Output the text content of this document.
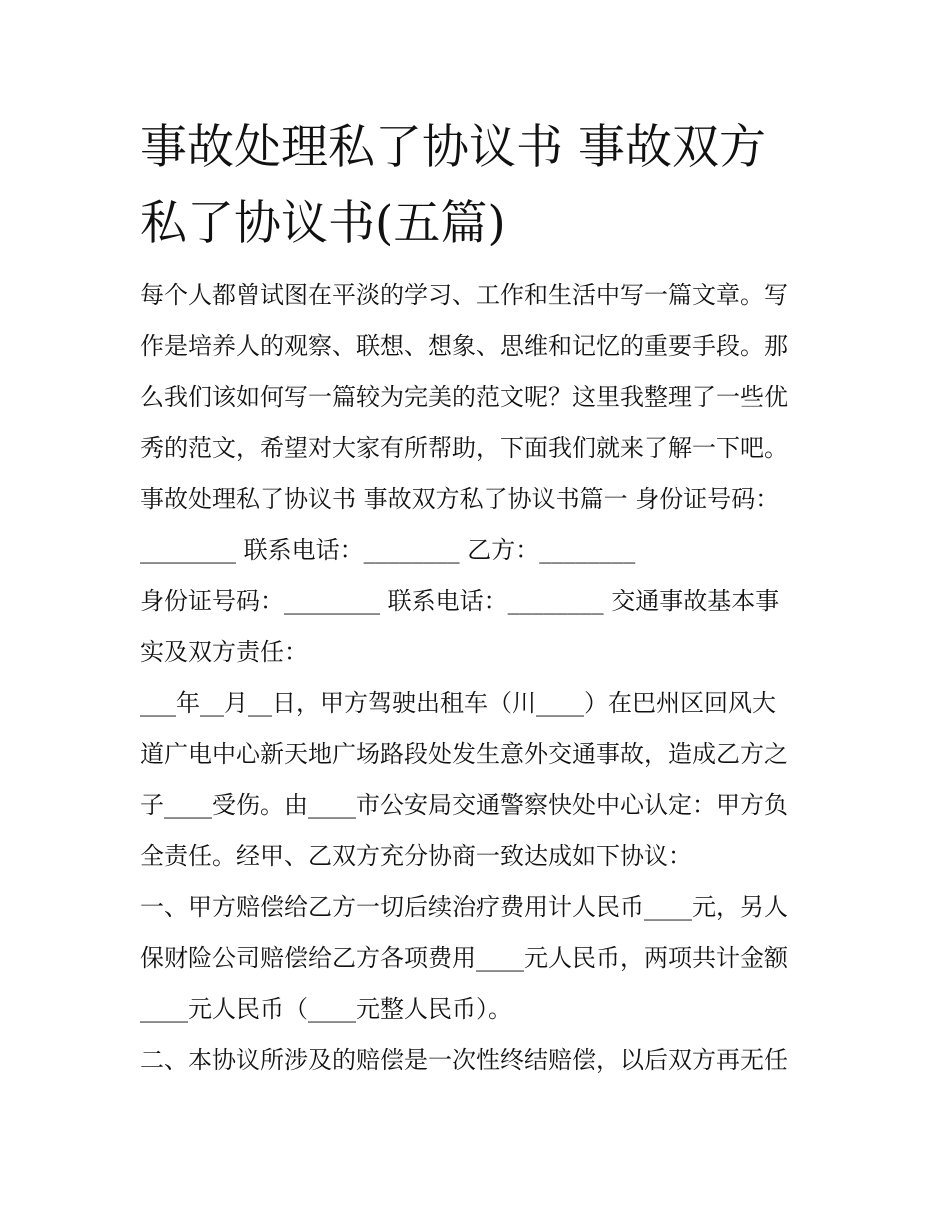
事故处理私了协议书 事故双方
私了协议书(五篇)
每个人都曾试图在平淡的学习、工作和生活中写一篇文章。写
作是培养人的观察、联想、想象、思维和记忆的重要手段。那
么我们该如何写一篇较为完美的范文呢？这里我整理了一些优
秀的范文，希望对大家有所帮助，下面我们就来了解一下吧。
事故处理私了协议书 事故双方私了协议书篇一 身份证号码：
________ 联系电话：________ 乙方：________
身份证号码：________ 联系电话：________ 交通事故基本事
实及双方责任：
___年__月__日，甲方驾驶出租车（川____）在巴州区回风大
道广电中心新天地广场路段处发生意外交通事故，造成乙方之
子____受伤。由____市公安局交通警察快处中心认定：甲方负
全责任。经甲、乙双方充分协商一致达成如下协议：
一、甲方赔偿给乙方一切后续治疗费用计人民币____元，另人
保财险公司赔偿给乙方各项费用____元人民币，两项共计金额
____元人民币（____元整人民币）。
二、本协议所涉及的赔偿是一次性终结赔偿，以后双方再无任
